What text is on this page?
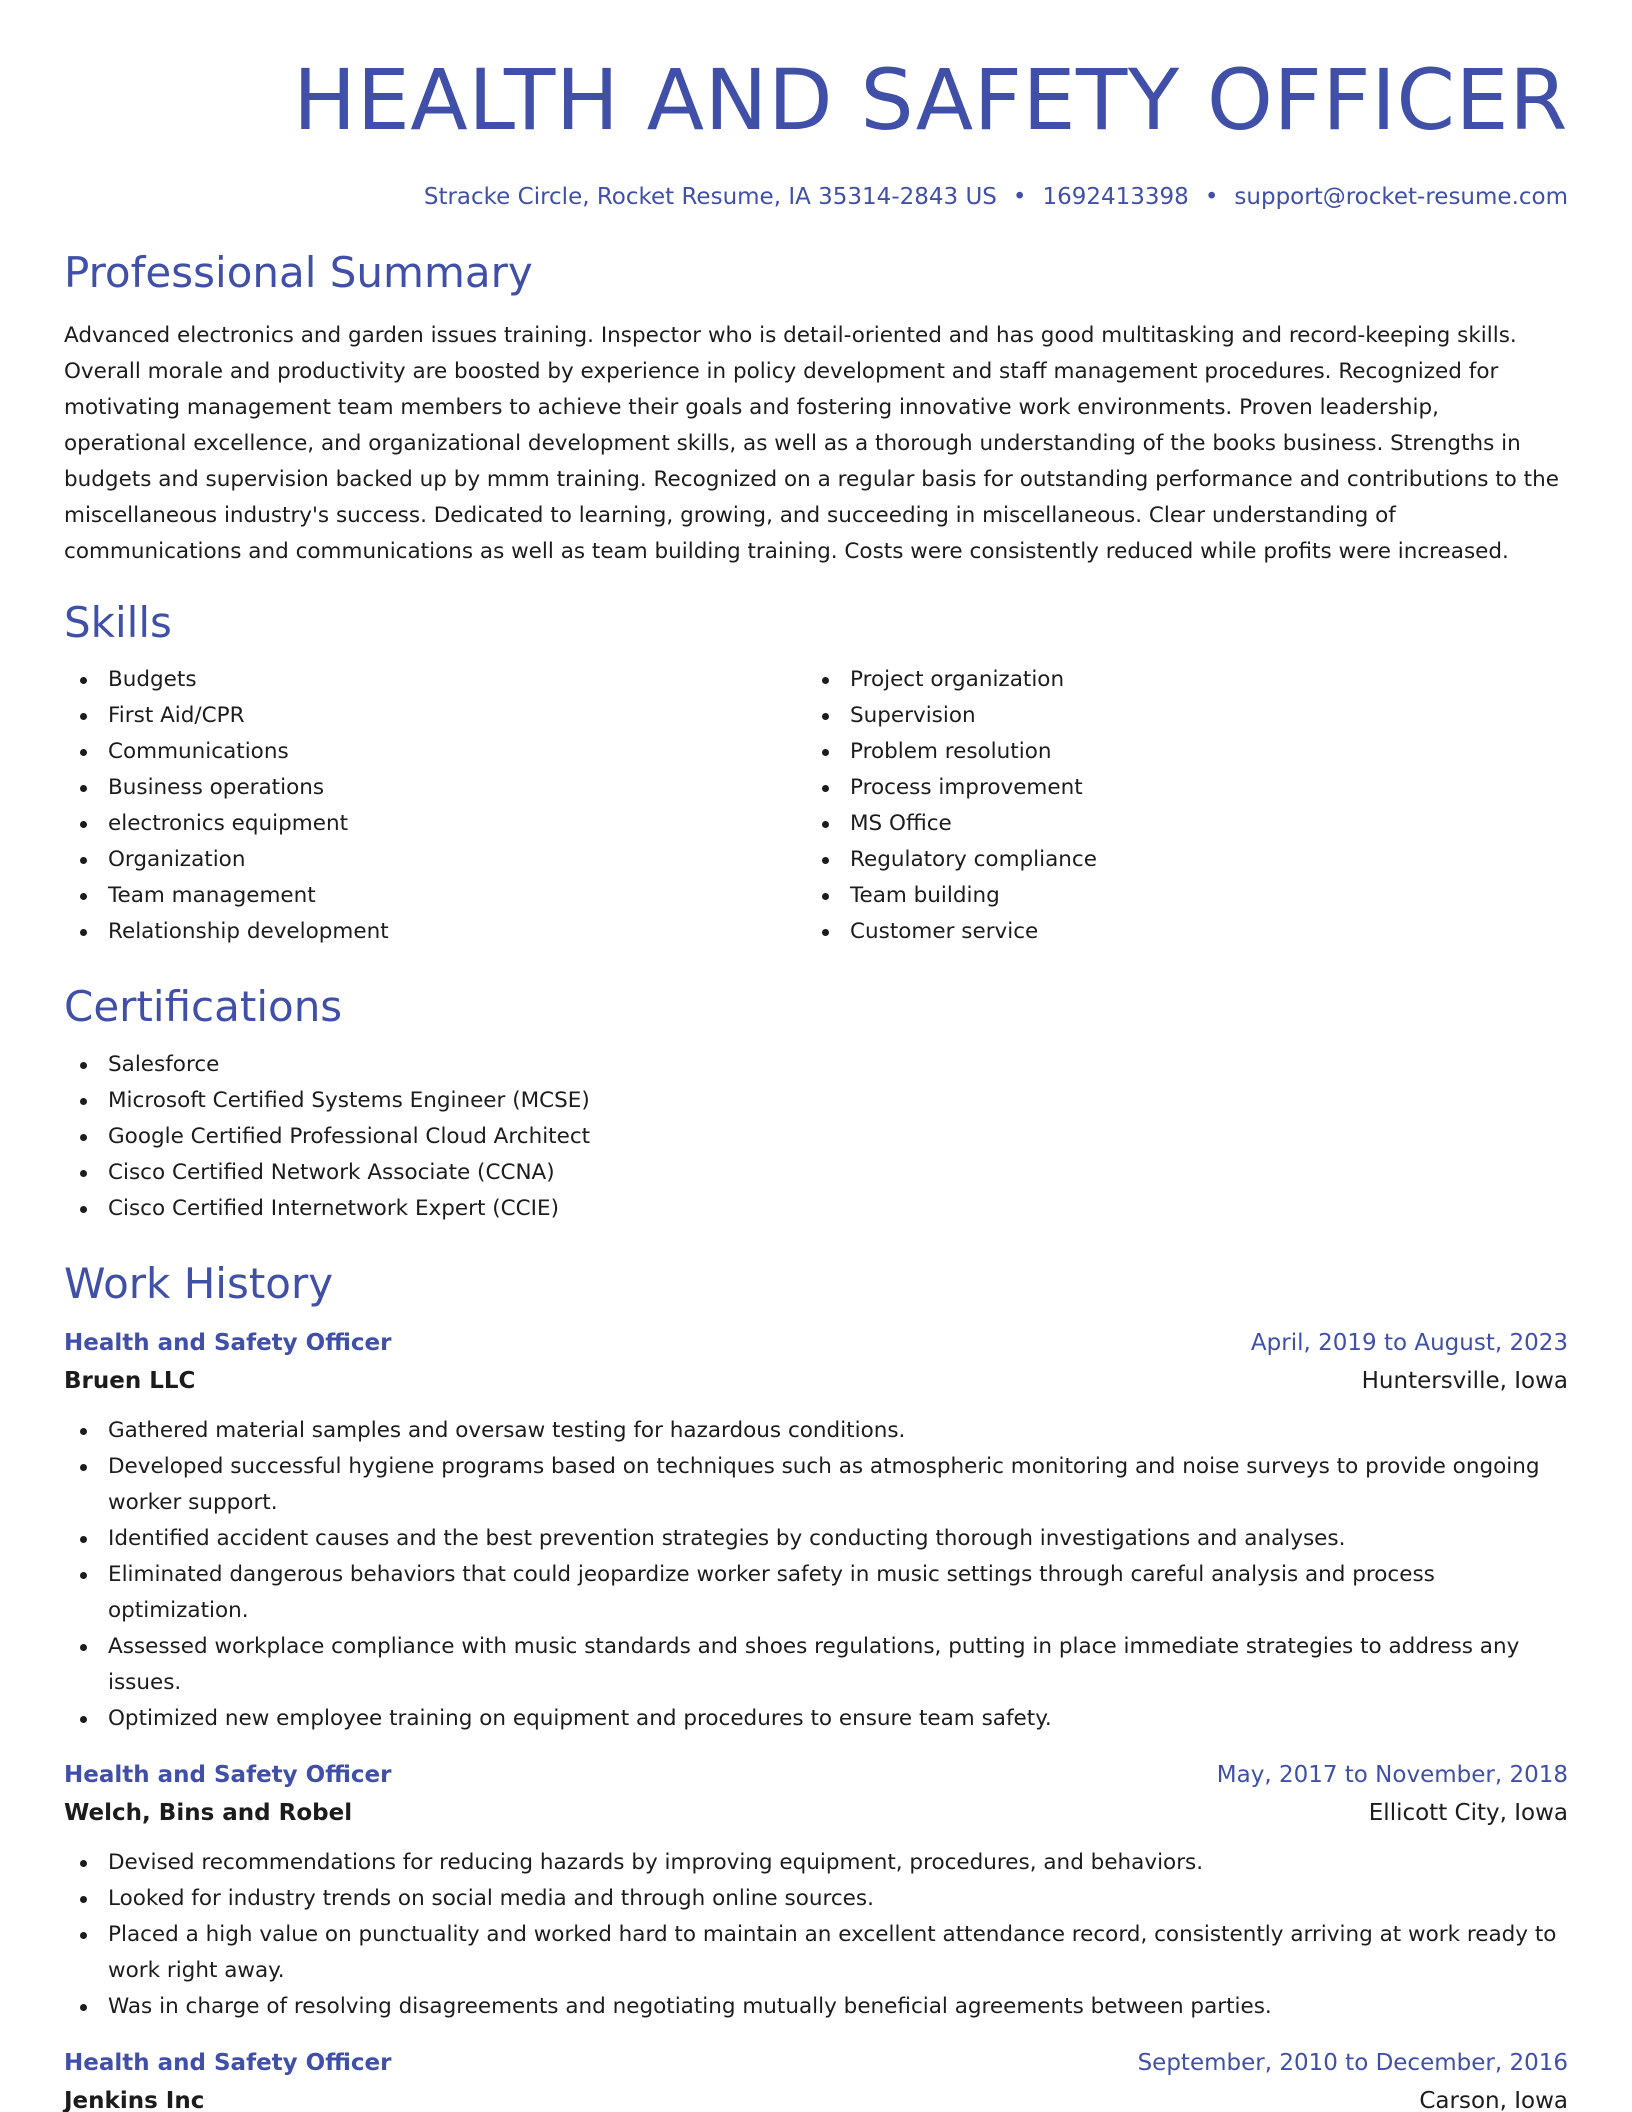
HEALTH AND SAFETY OFFICER
Stracke Circle, Rocket Resume, IA 35314-2843 US • 1692413398 • support@rocket-resume.com
Professional Summary

Advanced electronics and garden issues training. Inspector who is detail-oriented and has good multitasking and record-keeping skills. Overall morale and productivity are boosted by experience in policy development and staff management procedures. Recognized for motivating management team members to achieve their goals and fostering innovative work environments. Proven leadership, operational excellence, and organizational development skills, as well as a thorough understanding of the books business. Strengths in budgets and supervision backed up by mmm training. Recognized on a regular basis for outstanding performance and contributions to the miscellaneous industry's success. Dedicated to learning, growing, and succeeding in miscellaneous. Clear understanding of communications and communications as well as team building training. Costs were consistently reduced while profits were increased.

Skills
Budgets
First Aid/CPR
Communications
Business operations
electronics equipment
Organization
Team management
Relationship development
Project organization
Supervision
Problem resolution
Process improvement
MS Office
Regulatory compliance
Team building
Customer service
Certifications
Salesforce
Microsoft Certified Systems Engineer (MCSE)
Google Certified Professional Cloud Architect
Cisco Certified Network Associate (CCNA)
Cisco Certified Internetwork Expert (CCIE)
Work History
Health and Safety Officer	April, 2019 to August, 2023
Bruen LLC	Huntersville, Iowa
Gathered material samples and oversaw testing for hazardous conditions.
Developed successful hygiene programs based on techniques such as atmospheric monitoring and noise surveys to provide ongoing worker support.
Identified accident causes and the best prevention strategies by conducting thorough investigations and analyses.
Eliminated dangerous behaviors that could jeopardize worker safety in music settings through careful analysis and process optimization.
Assessed workplace compliance with music standards and shoes regulations, putting in place immediate strategies to address any issues.
Optimized new employee training on equipment and procedures to ensure team safety.
Health and Safety Officer	May, 2017 to November, 2018
Welch, Bins and Robel	Ellicott City, Iowa
Devised recommendations for reducing hazards by improving equipment, procedures, and behaviors.
Looked for industry trends on social media and through online sources.
Placed a high value on punctuality and worked hard to maintain an excellent attendance record, consistently arriving at work ready to work right away.
Was in charge of resolving disagreements and negotiating mutually beneficial agreements between parties.
Health and Safety Officer	September, 2010 to December, 2016
Jenkins Inc	Carson, Iowa
